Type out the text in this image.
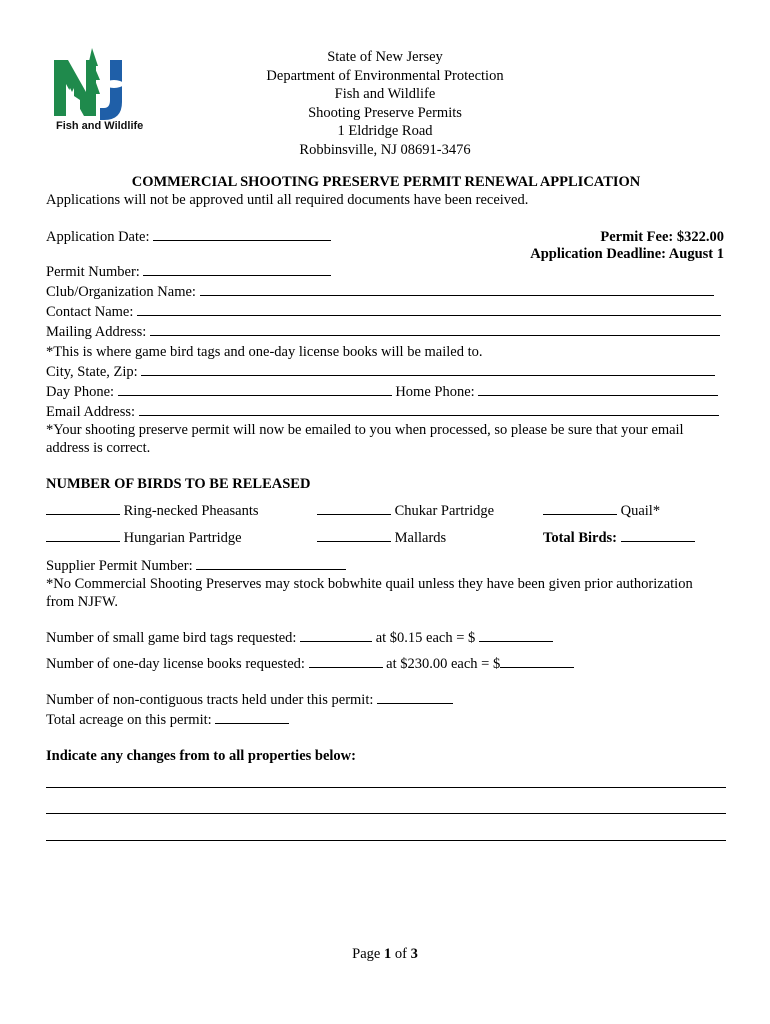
Fish and Wildlife
State of New Jersey
Department of Environmental Protection
Fish and Wildlife
Shooting Preserve Permits
1 Eldridge Road
Robbinsville, NJ 08691-3476
COMMERCIAL SHOOTING PRESERVE PERMIT RENEWAL APPLICATION
Applications will not be approved until all required documents have been received.
Application Date:	Permit Fee: $322.00
Application Deadline: August 1
Permit Number:
Club/Organization Name:
Contact Name:
Mailing Address:
*This is where game bird tags and one-day license books will be mailed to.
City, State, Zip:
Day Phone:	Home Phone:
Email Address:
*Your shooting preserve permit will now be emailed to you when processed, so please be sure that your email
address is correct.
NUMBER OF BIRDS TO BE RELEASED
Ring-necked Pheasants	Chukar Partridge	Quail*
Hungarian Partridge	Mallards	Total Birds:
Supplier Permit Number:
*No Commercial Shooting Preserves may stock bobwhite quail unless they have been given prior authorization
from NJFW.
Number of small game bird tags requested:	at $0.15 each = $
Number of one-day license books requested:	at $230.00 each = $
Number of non-contiguous tracts held under this permit:
Total acreage on this permit:
Indicate any changes from to all properties below:
Page 1 of 3
